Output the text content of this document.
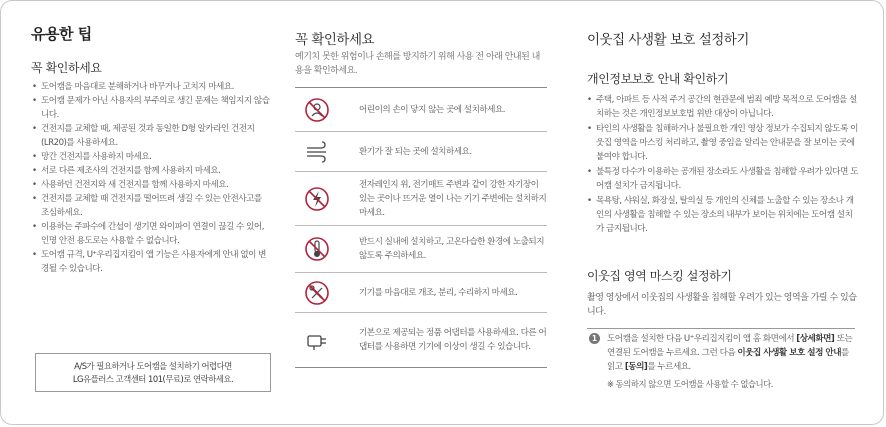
유용한 팁

꼭 확인하세요

• 도어캠을 마음대로 분해하거나 바꾸거나 고치지 마세요.
• 도어캠 문제가 아닌 사용자의 부주의로 생긴 문제는 책임지지 않습니다.
• 건전지를 교체할 때, 제공된 것과 동일한 D형 알카라인 건전지(LR20)를 사용하세요.
• 망간 건전지를 사용하지 마세요.
• 서로 다른 제조사의 건전지를 함께 사용하지 마세요.
• 사용하던 건전지와 새 건전지를 함께 사용하지 마세요.
• 건전지를 교체할 때 건전지를 떨어뜨려 생길 수 있는 안전사고를 조심하세요.
• 이용하는 주파수에 간섭이 생기면 와이파이 연결이 끊길 수 있어, 인명 안전 용도로는 사용할 수 없습니다.
• 도어캠 규격, U⁺우리집지킴이 앱 기능은 사용자에게 안내 없이 변경될 수 있습니다.
A/S가 필요하거나 도어캠을 설치하기 어렵다면
LG유플러스 고객센터 101(무료)로 연락하세요.
꼭 확인하세요
예기치 못한 위험이나 손해를 방지하기 위해 사용 전 아래 안내된 내용을 확인하세요.
어린이의 손이 닿지 않는 곳에 설치하세요.
환기가 잘 되는 곳에 설치하세요.
전자레인지 위, 전기매트 주변과 같이 강한 자기장이 있는 곳이나 뜨거운 열이 나는 기기 주변에는 설치하지 마세요.
반드시 실내에 설치하고, 고온다습한 환경에 노출되지 않도록 주의하세요.
기기를 마음대로 개조, 분리, 수리하지 마세요.
기본으로 제공되는 정품 어댑터를 사용하세요. 다른 어댑터를 사용하면 기기에 이상이 생길 수 있습니다.
이웃집 사생활 보호 설정하기

개인정보보호 안내 확인하기

• 주택, 아파트 등 사적 주거 공간의 현관문에 범죄 예방 목적으로 도어캠을 설치하는 것은 개인정보보호법 위반 대상이 아닙니다.
• 타인의 사생활을 침해하거나 불필요한 개인 영상 정보가 수집되지 않도록 이웃집 영역을 마스킹 처리하고, 촬영 중임을 알리는 안내문을 잘 보이는 곳에 붙여야 합니다.
• 불특정 다수가 이용하는 공개된 장소라도 사생활을 침해할 우려가 있다면 도어캠 설치가 금지됩니다.
• 목욕탕, 샤워실, 화장실, 탈의실 등 개인의 신체를 노출할 수 있는 장소나 개인의 사생활을 침해할 수 있는 장소의 내부가 보이는 위치에는 도어캠 설치가 금지됩니다.

이웃집 영역 마스킹 설정하기

촬영 영상에서 이웃집의 사생활을 침해할 우려가 있는 영역을 가릴 수 있습니다.
1	도어캠을 설치한 다음 U⁺우리집지킴이 앱 홈 화면에서 [상세화면] 또는 연결된 도어캠을 누르세요. 그런 다음 이웃집 사생활 보호 설정 안내를 읽고 [동의]를 누르세요.
※ 동의하지 않으면 도어캠을 사용할 수 없습니다.
